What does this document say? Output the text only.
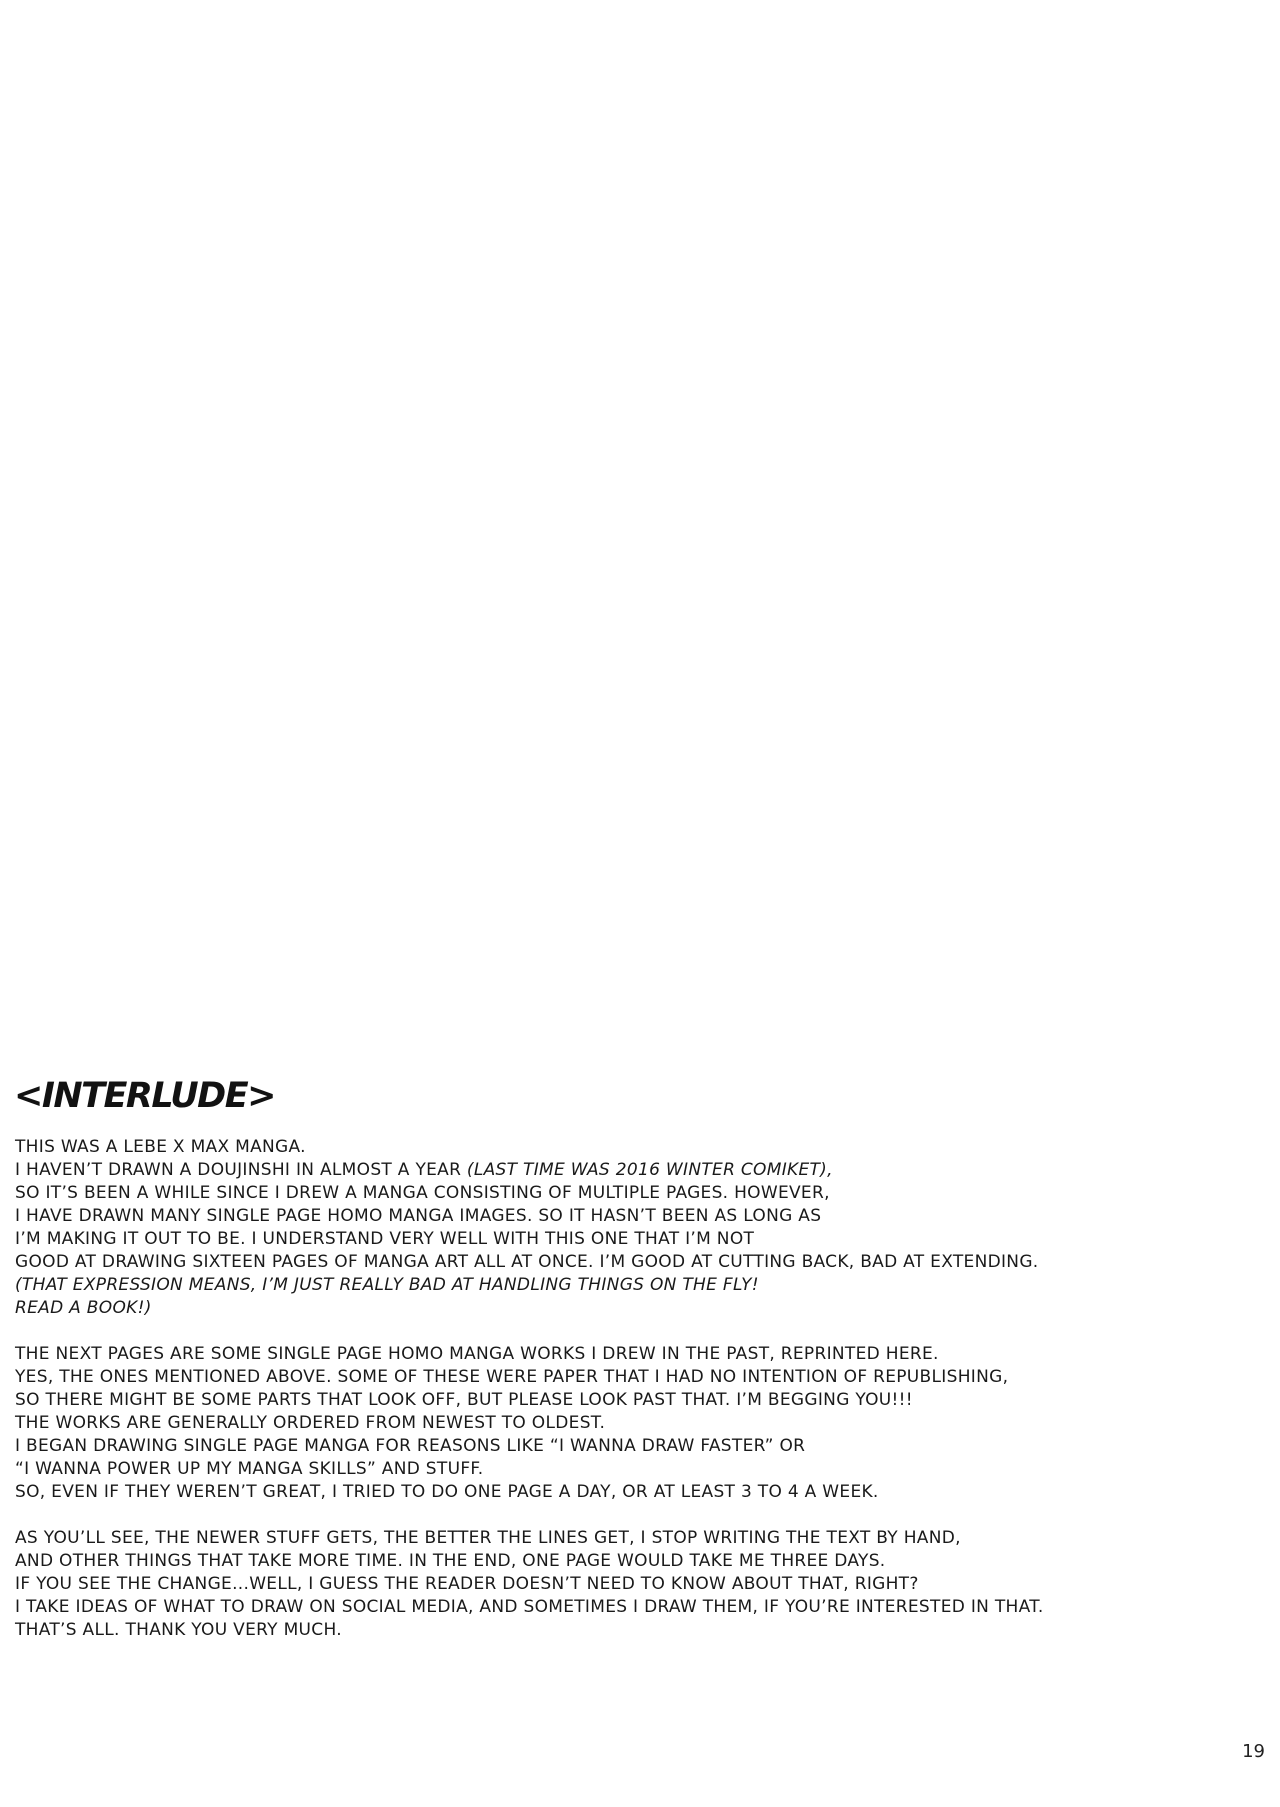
<INTERLUDE>
THIS WAS A LEBE X MAX MANGA.
I HAVEN’T DRAWN A DOUJINSHI IN ALMOST A YEAR (LAST TIME WAS 2016 WINTER COMIKET),
SO IT’S BEEN A WHILE SINCE I DREW A MANGA CONSISTING OF MULTIPLE PAGES. HOWEVER,
I HAVE DRAWN MANY SINGLE PAGE HOMO MANGA IMAGES. SO IT HASN’T BEEN AS LONG AS
I’M MAKING IT OUT TO BE. I UNDERSTAND VERY WELL WITH THIS ONE THAT I’M NOT
GOOD AT DRAWING SIXTEEN PAGES OF MANGA ART ALL AT ONCE. I’M GOOD AT CUTTING BACK, BAD AT EXTENDING.
(THAT EXPRESSION MEANS, I’M JUST REALLY BAD AT HANDLING THINGS ON THE FLY!
READ A BOOK!)
THE NEXT PAGES ARE SOME SINGLE PAGE HOMO MANGA WORKS I DREW IN THE PAST, REPRINTED HERE.
YES, THE ONES MENTIONED ABOVE. SOME OF THESE WERE PAPER THAT I HAD NO INTENTION OF REPUBLISHING,
SO THERE MIGHT BE SOME PARTS THAT LOOK OFF, BUT PLEASE LOOK PAST THAT. I’M BEGGING YOU!!!
THE WORKS ARE GENERALLY ORDERED FROM NEWEST TO OLDEST.
I BEGAN DRAWING SINGLE PAGE MANGA FOR REASONS LIKE “I WANNA DRAW FASTER” OR
“I WANNA POWER UP MY MANGA SKILLS” AND STUFF.
SO, EVEN IF THEY WEREN’T GREAT, I TRIED TO DO ONE PAGE A DAY, OR AT LEAST 3 TO 4 A WEEK.
AS YOU’LL SEE, THE NEWER STUFF GETS, THE BETTER THE LINES GET, I STOP WRITING THE TEXT BY HAND,
AND OTHER THINGS THAT TAKE MORE TIME. IN THE END, ONE PAGE WOULD TAKE ME THREE DAYS.
IF YOU SEE THE CHANGE...WELL, I GUESS THE READER DOESN’T NEED TO KNOW ABOUT THAT, RIGHT?
I TAKE IDEAS OF WHAT TO DRAW ON SOCIAL MEDIA, AND SOMETIMES I DRAW THEM, IF YOU’RE INTERESTED IN THAT.
THAT’S ALL. THANK YOU VERY MUCH.
19
